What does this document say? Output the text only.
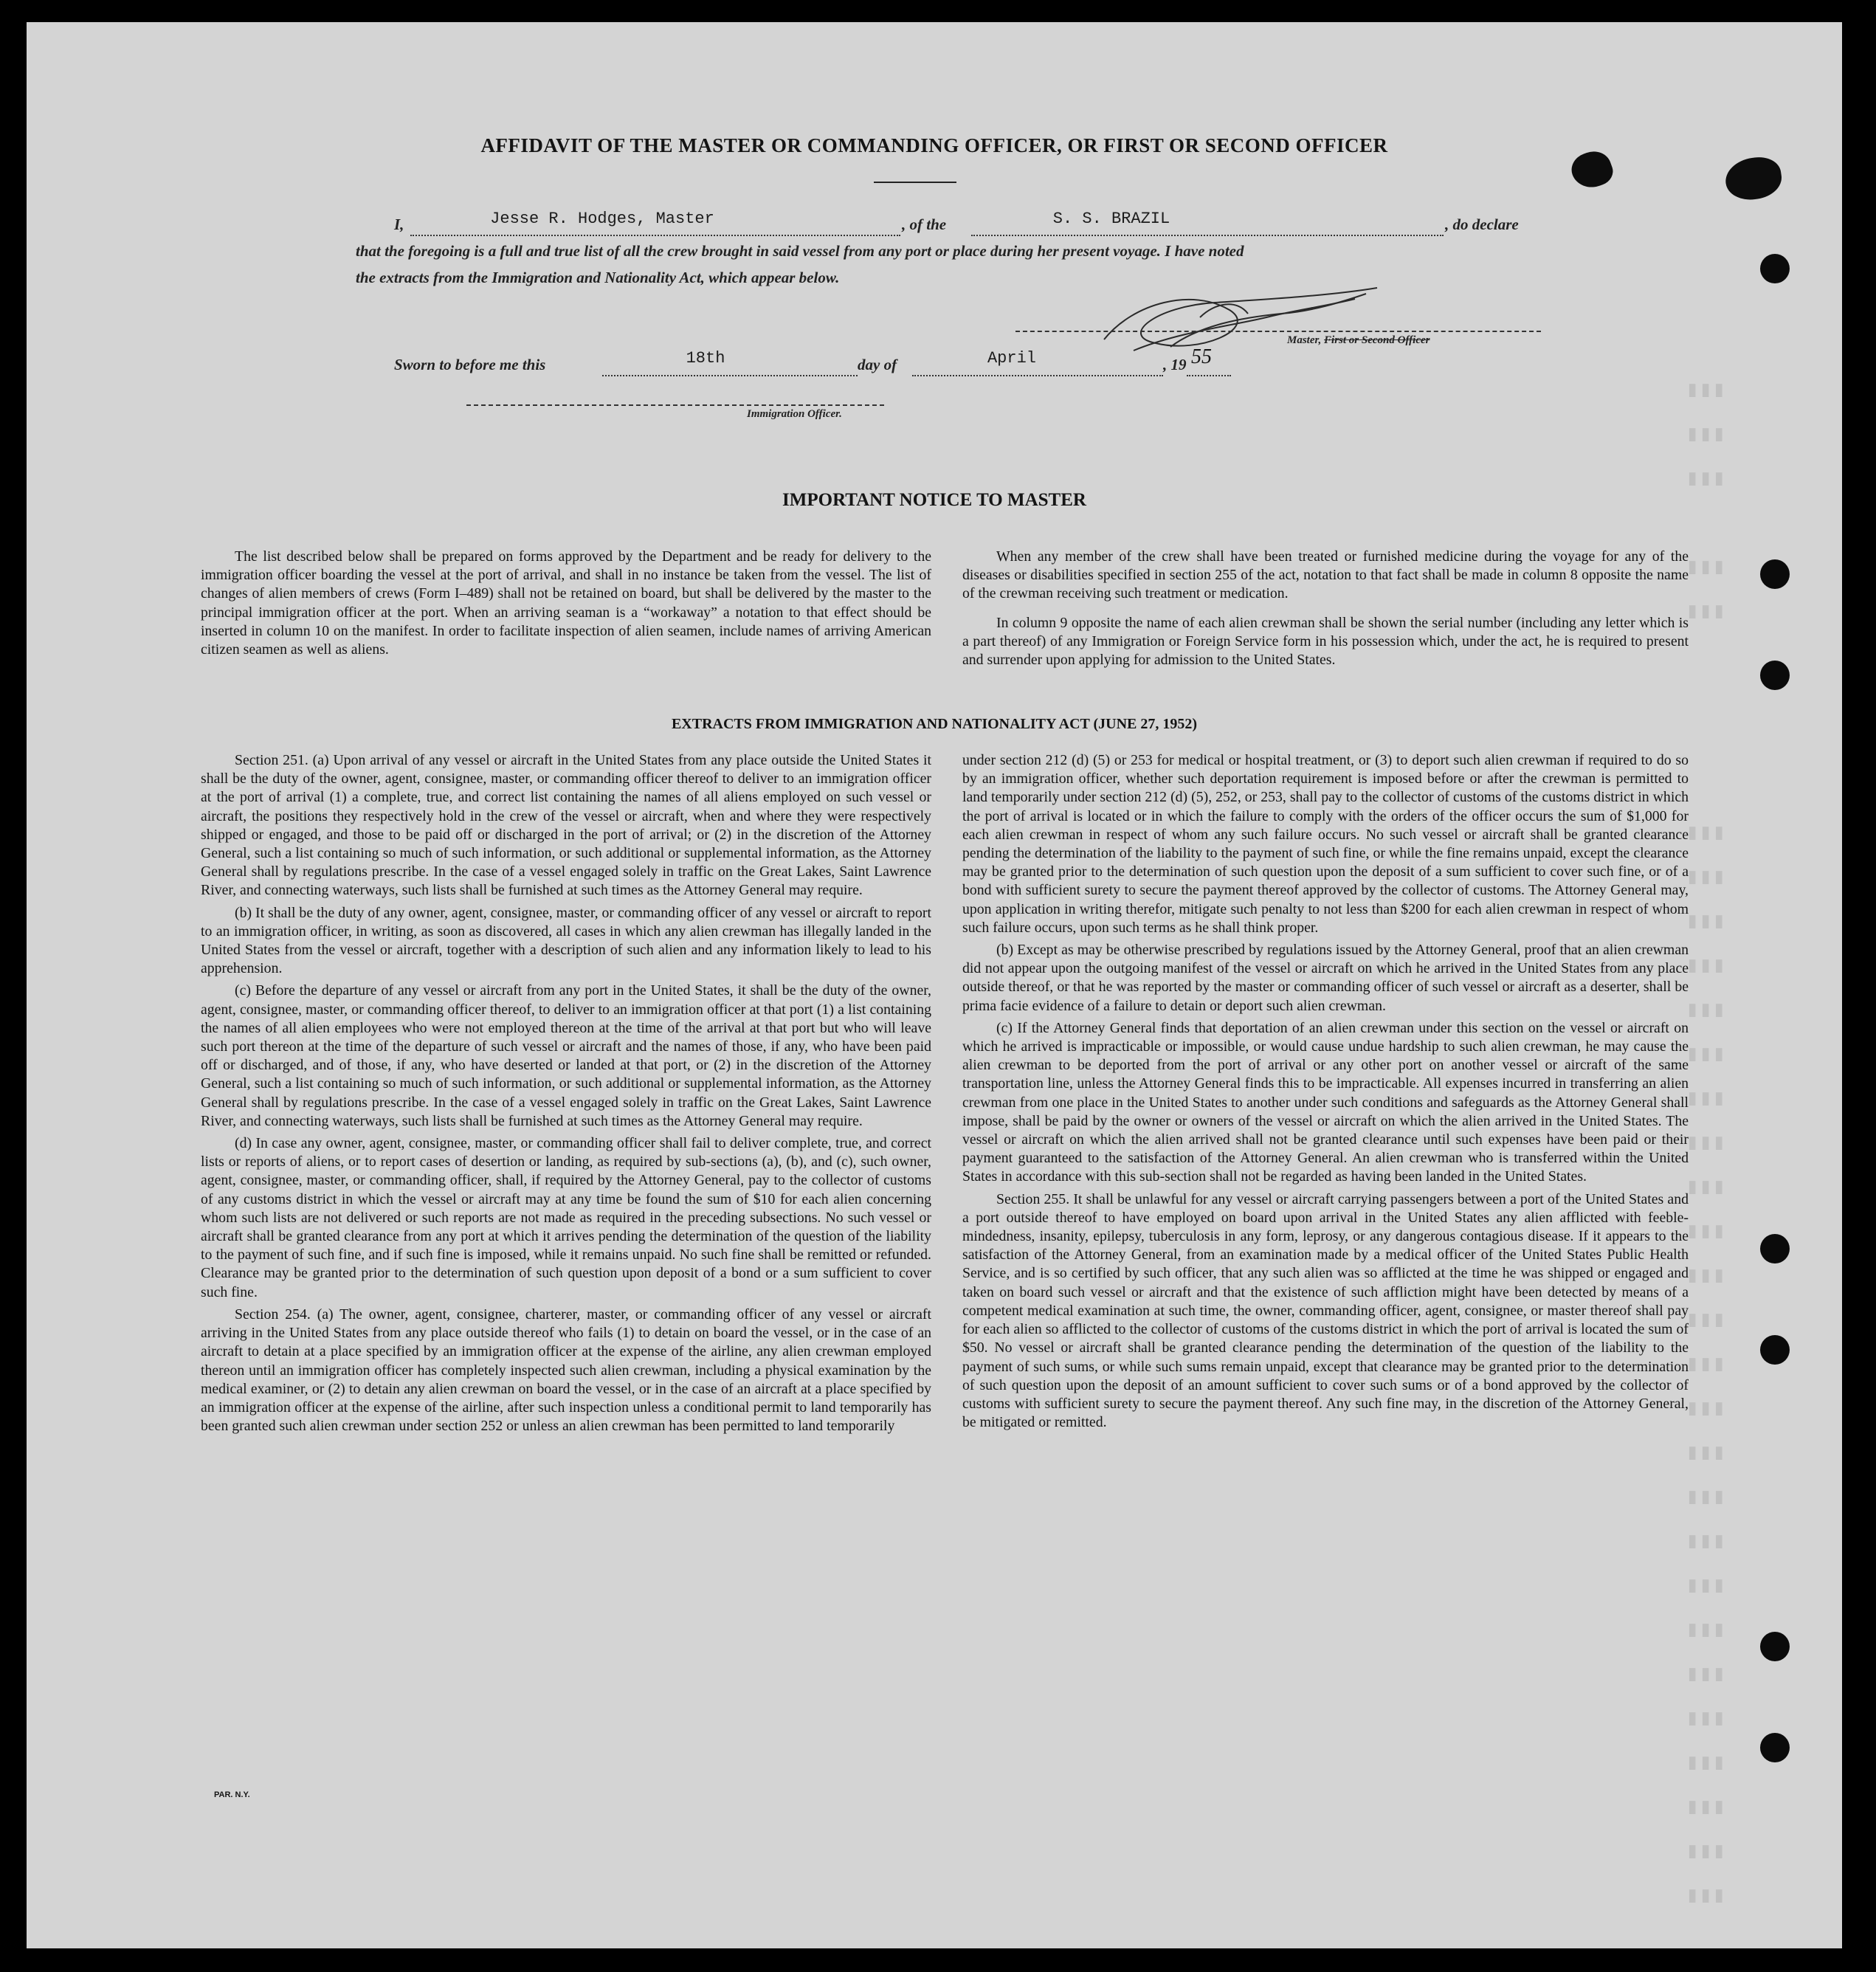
▮▮▮
▮▮▮
▮▮▮

▮▮▮
▮▮▮

▮▮▮
▮▮▮
▮▮▮
▮▮▮
▮▮▮
▮▮▮
▮▮▮
▮▮▮
▮▮▮
▮▮▮
▮▮▮
▮▮▮
▮▮▮
▮▮▮
▮▮▮
▮▮▮
▮▮▮
▮▮▮
▮▮▮
▮▮▮
▮▮▮
▮▮▮
▮▮▮
▮▮▮
▮▮▮
AFFIDAVIT OF THE MASTER OR COMMANDING OFFICER, OR FIRST OR SECOND OFFICER
I,	Jesse R. Hodges, Master	, of the	S. S. BRAZIL	, do declare
that the foregoing is a full and true list of all the crew brought in said vessel from any port or place during her present voyage. I have noted
the extracts from the Immigration and Nationality Act, which appear below.
Master, First or Second Officer
Sworn to before me this	18th	day of	April	, 19 55
Immigration Officer.
IMPORTANT NOTICE TO MASTER

The list described below shall be prepared on forms approved by the Department and be ready for delivery to the immigration officer boarding the vessel at the port of arrival, and shall in no instance be taken from the vessel. The list of changes of alien members of crews (Form I–489) shall not be retained on board, but shall be delivered by the master to the principal immigration officer at the port. When an arriving seaman is a “workaway” a notation to that effect should be inserted in column 10 on the manifest. In order to facilitate inspection of alien seamen, include names of arriving American citizen seamen as well as aliens.

When any member of the crew shall have been treated or furnished medicine during the voyage for any of the diseases or disabilities specified in section 255 of the act, notation to that fact shall be made in column 8 opposite the name of the crewman receiving such treatment or medication.

In column 9 opposite the name of each alien crewman shall be shown the serial number (including any letter which is a part thereof) of any Immigration or Foreign Service form in his possession which, under the act, he is required to present and surrender upon applying for admission to the United States.

EXTRACTS FROM IMMIGRATION AND NATIONALITY ACT (JUNE 27, 1952)

Section 251. (a) Upon arrival of any vessel or aircraft in the United States from any place outside the United States it shall be the duty of the owner, agent, consignee, master, or commanding officer thereof to deliver to an immigration officer at the port of arrival (1) a complete, true, and correct list containing the names of all aliens employed on such vessel or aircraft, the positions they respectively hold in the crew of the vessel or aircraft, when and where they were respectively shipped or engaged, and those to be paid off or discharged in the port of arrival; or (2) in the discretion of the Attorney General, such a list containing so much of such information, or such additional or supplemental information, as the Attorney General shall by regulations prescribe. In the case of a vessel engaged solely in traffic on the Great Lakes, Saint Lawrence River, and connecting waterways, such lists shall be furnished at such times as the Attorney General may require.

(b) It shall be the duty of any owner, agent, consignee, master, or commanding officer of any vessel or aircraft to report to an immigration officer, in writing, as soon as discovered, all cases in which any alien crewman has illegally landed in the United States from the vessel or aircraft, together with a description of such alien and any information likely to lead to his apprehension.

(c) Before the departure of any vessel or aircraft from any port in the United States, it shall be the duty of the owner, agent, consignee, master, or commanding officer thereof, to deliver to an immigration officer at that port (1) a list containing the names of all alien employees who were not employed thereon at the time of the arrival at that port but who will leave such port thereon at the time of the departure of such vessel or aircraft and the names of those, if any, who have been paid off or discharged, and of those, if any, who have deserted or landed at that port, or (2) in the discretion of the Attorney General, such a list containing so much of such information, or such additional or supplemental information, as the Attorney General shall by regulations prescribe. In the case of a vessel engaged solely in traffic on the Great Lakes, Saint Lawrence River, and connecting waterways, such lists shall be furnished at such times as the Attorney General may require.

(d) In case any owner, agent, consignee, master, or commanding officer shall fail to deliver complete, true, and correct lists or reports of aliens, or to report cases of desertion or landing, as required by sub-sections (a), (b), and (c), such owner, agent, consignee, master, or commanding officer, shall, if required by the Attorney General, pay to the collector of customs of any customs district in which the vessel or aircraft may at any time be found the sum of $10 for each alien concerning whom such lists are not delivered or such reports are not made as required in the preceding subsections. No such vessel or aircraft shall be granted clearance from any port at which it arrives pending the determination of the question of the liability to the payment of such fine, and if such fine is imposed, while it remains unpaid. No such fine shall be remitted or refunded. Clearance may be granted prior to the determination of such question upon deposit of a bond or a sum sufficient to cover such fine.

Section 254. (a) The owner, agent, consignee, charterer, master, or commanding officer of any vessel or aircraft arriving in the United States from any place outside thereof who fails (1) to detain on board the vessel, or in the case of an aircraft to detain at a place specified by an immigration officer at the expense of the airline, any alien crewman employed thereon until an immigration officer has completely inspected such alien crewman, including a physical examination by the medical examiner, or (2) to detain any alien crewman on board the vessel, or in the case of an aircraft at a place specified by an immigration officer at the expense of the airline, after such inspection unless a conditional permit to land temporarily has been granted such alien crewman under section 252 or unless an alien crewman has been permitted to land temporarily

under section 212 (d) (5) or 253 for medical or hospital treatment, or (3) to deport such alien crewman if required to do so by an immigration officer, whether such deportation requirement is imposed before or after the crewman is permitted to land temporarily under section 212 (d) (5), 252, or 253, shall pay to the collector of customs of the customs district in which the port of arrival is located or in which the failure to comply with the orders of the officer occurs the sum of $1,000 for each alien crewman in respect of whom any such failure occurs. No such vessel or aircraft shall be granted clearance pending the determination of the liability to the payment of such fine, or while the fine remains unpaid, except the clearance may be granted prior to the determination of such question upon the deposit of a sum sufficient to cover such fine, or of a bond with sufficient surety to secure the payment thereof approved by the collector of customs. The Attorney General may, upon application in writing therefor, mitigate such penalty to not less than $200 for each alien crewman in respect of whom such failure occurs, upon such terms as he shall think proper.

(b) Except as may be otherwise prescribed by regulations issued by the Attorney General, proof that an alien crewman did not appear upon the outgoing manifest of the vessel or aircraft on which he arrived in the United States from any place outside thereof, or that he was reported by the master or commanding officer of such vessel or aircraft as a deserter, shall be prima facie evidence of a failure to detain or deport such alien crewman.

(c) If the Attorney General finds that deportation of an alien crewman under this section on the vessel or aircraft on which he arrived is impracticable or impossible, or would cause undue hardship to such alien crewman, he may cause the alien crewman to be deported from the port of arrival or any other port on another vessel or aircraft of the same transportation line, unless the Attorney General finds this to be impracticable. All expenses incurred in transferring an alien crewman from one place in the United States to another under such conditions and safeguards as the Attorney General shall impose, shall be paid by the owner or owners of the vessel or aircraft on which the alien arrived in the United States. The vessel or aircraft on which the alien arrived shall not be granted clearance until such expenses have been paid or their payment guaranteed to the satisfaction of the Attorney General. An alien crewman who is transferred within the United States in accordance with this sub-section shall not be regarded as having been landed in the United States.

Section 255. It shall be unlawful for any vessel or aircraft carrying passengers between a port of the United States and a port outside thereof to have employed on board upon arrival in the United States any alien afflicted with feeble-mindedness, insanity, epilepsy, tuberculosis in any form, leprosy, or any dangerous contagious disease. If it appears to the satisfaction of the Attorney General, from an examination made by a medical officer of the United States Public Health Service, and is so certified by such officer, that any such alien was so afflicted at the time he was shipped or engaged and taken on board such vessel or aircraft and that the existence of such affliction might have been detected by means of a competent medical examination at such time, the owner, commanding officer, agent, consignee, or master thereof shall pay for each alien so afflicted to the collector of customs of the customs district in which the port of arrival is located the sum of $50. No vessel or aircraft shall be granted clearance pending the determination of the question of the liability to the payment of such sums, or while such sums remain unpaid, except that clearance may be granted prior to the determination of such question upon the deposit of an amount sufficient to cover such sums or of a bond approved by the collector of customs with sufficient surety to secure the payment thereof. Any such fine may, in the discretion of the Attorney General, be mitigated or remitted.

PAR. N.Y.
